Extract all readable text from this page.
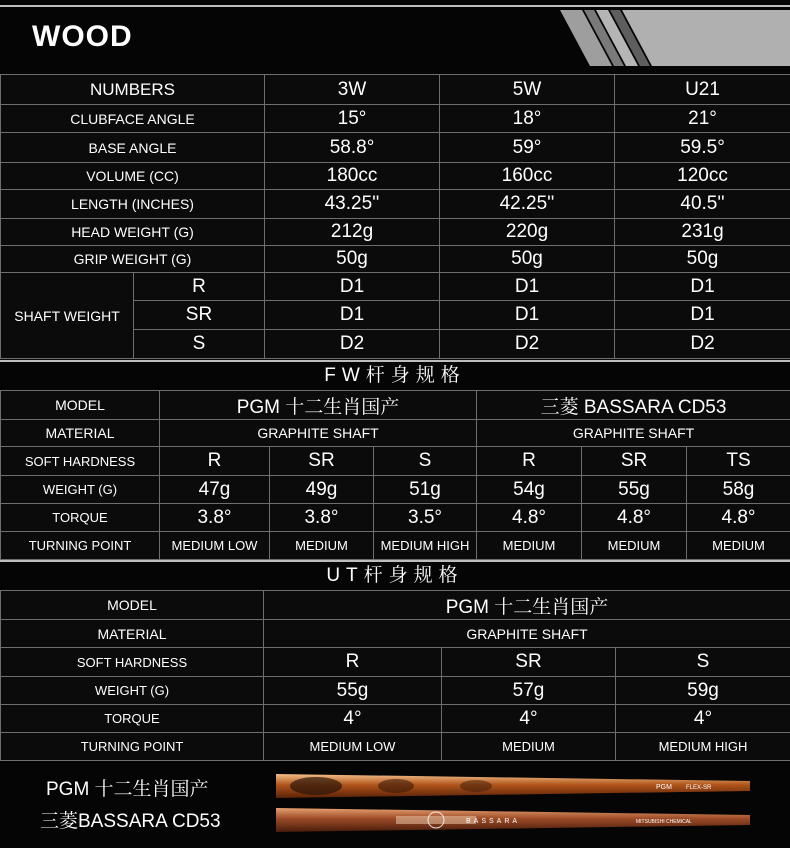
WOOD
NUMBERS		3W	5W	U21
CLUBFACE ANGLE		15°	18°	21°
BASE ANGLE		58.8°	59°	59.5°
VOLUME (CC)		180cc	160cc	120cc
LENGTH (INCHES)		43.25''	42.25''	40.5''
HEAD WEIGHT (G)		212g	220g	231g
GRIP WEIGHT (G)		50g	50g	50g
SHAFT WEIGHT	R	D1	D1	D1
	SR	D1	D1	D1
	S	D2	D2	D2
FW杆身规格
MODEL	PGM 十二生肖国产			三菱 BASSARA CD53		
MATERIAL	GRAPHITE SHAFT			GRAPHITE SHAFT		
SOFT HARDNESS	R	SR	S	R	SR	TS
WEIGHT (G)	47g	49g	51g	54g	55g	58g
TORQUE	3.8°	3.8°	3.5°	4.8°	4.8°	4.8°
TURNING POINT	MEDIUM LOW	MEDIUM	MEDIUM HIGH	MEDIUM	MEDIUM	MEDIUM
UT杆身规格
MODEL	PGM 十二生肖国产		
MATERIAL	GRAPHITE SHAFT		
SOFT HARDNESS	R	SR	S
WEIGHT (G)	55g	57g	59g
TORQUE	4°	4°	4°
TURNING POINT	MEDIUM LOW	MEDIUM	MEDIUM HIGH
PGM 十二生肖国产
三菱BASSARA CD53
PGM FLEX-SR
BASSARA	MITSUBISHI CHEMICAL
